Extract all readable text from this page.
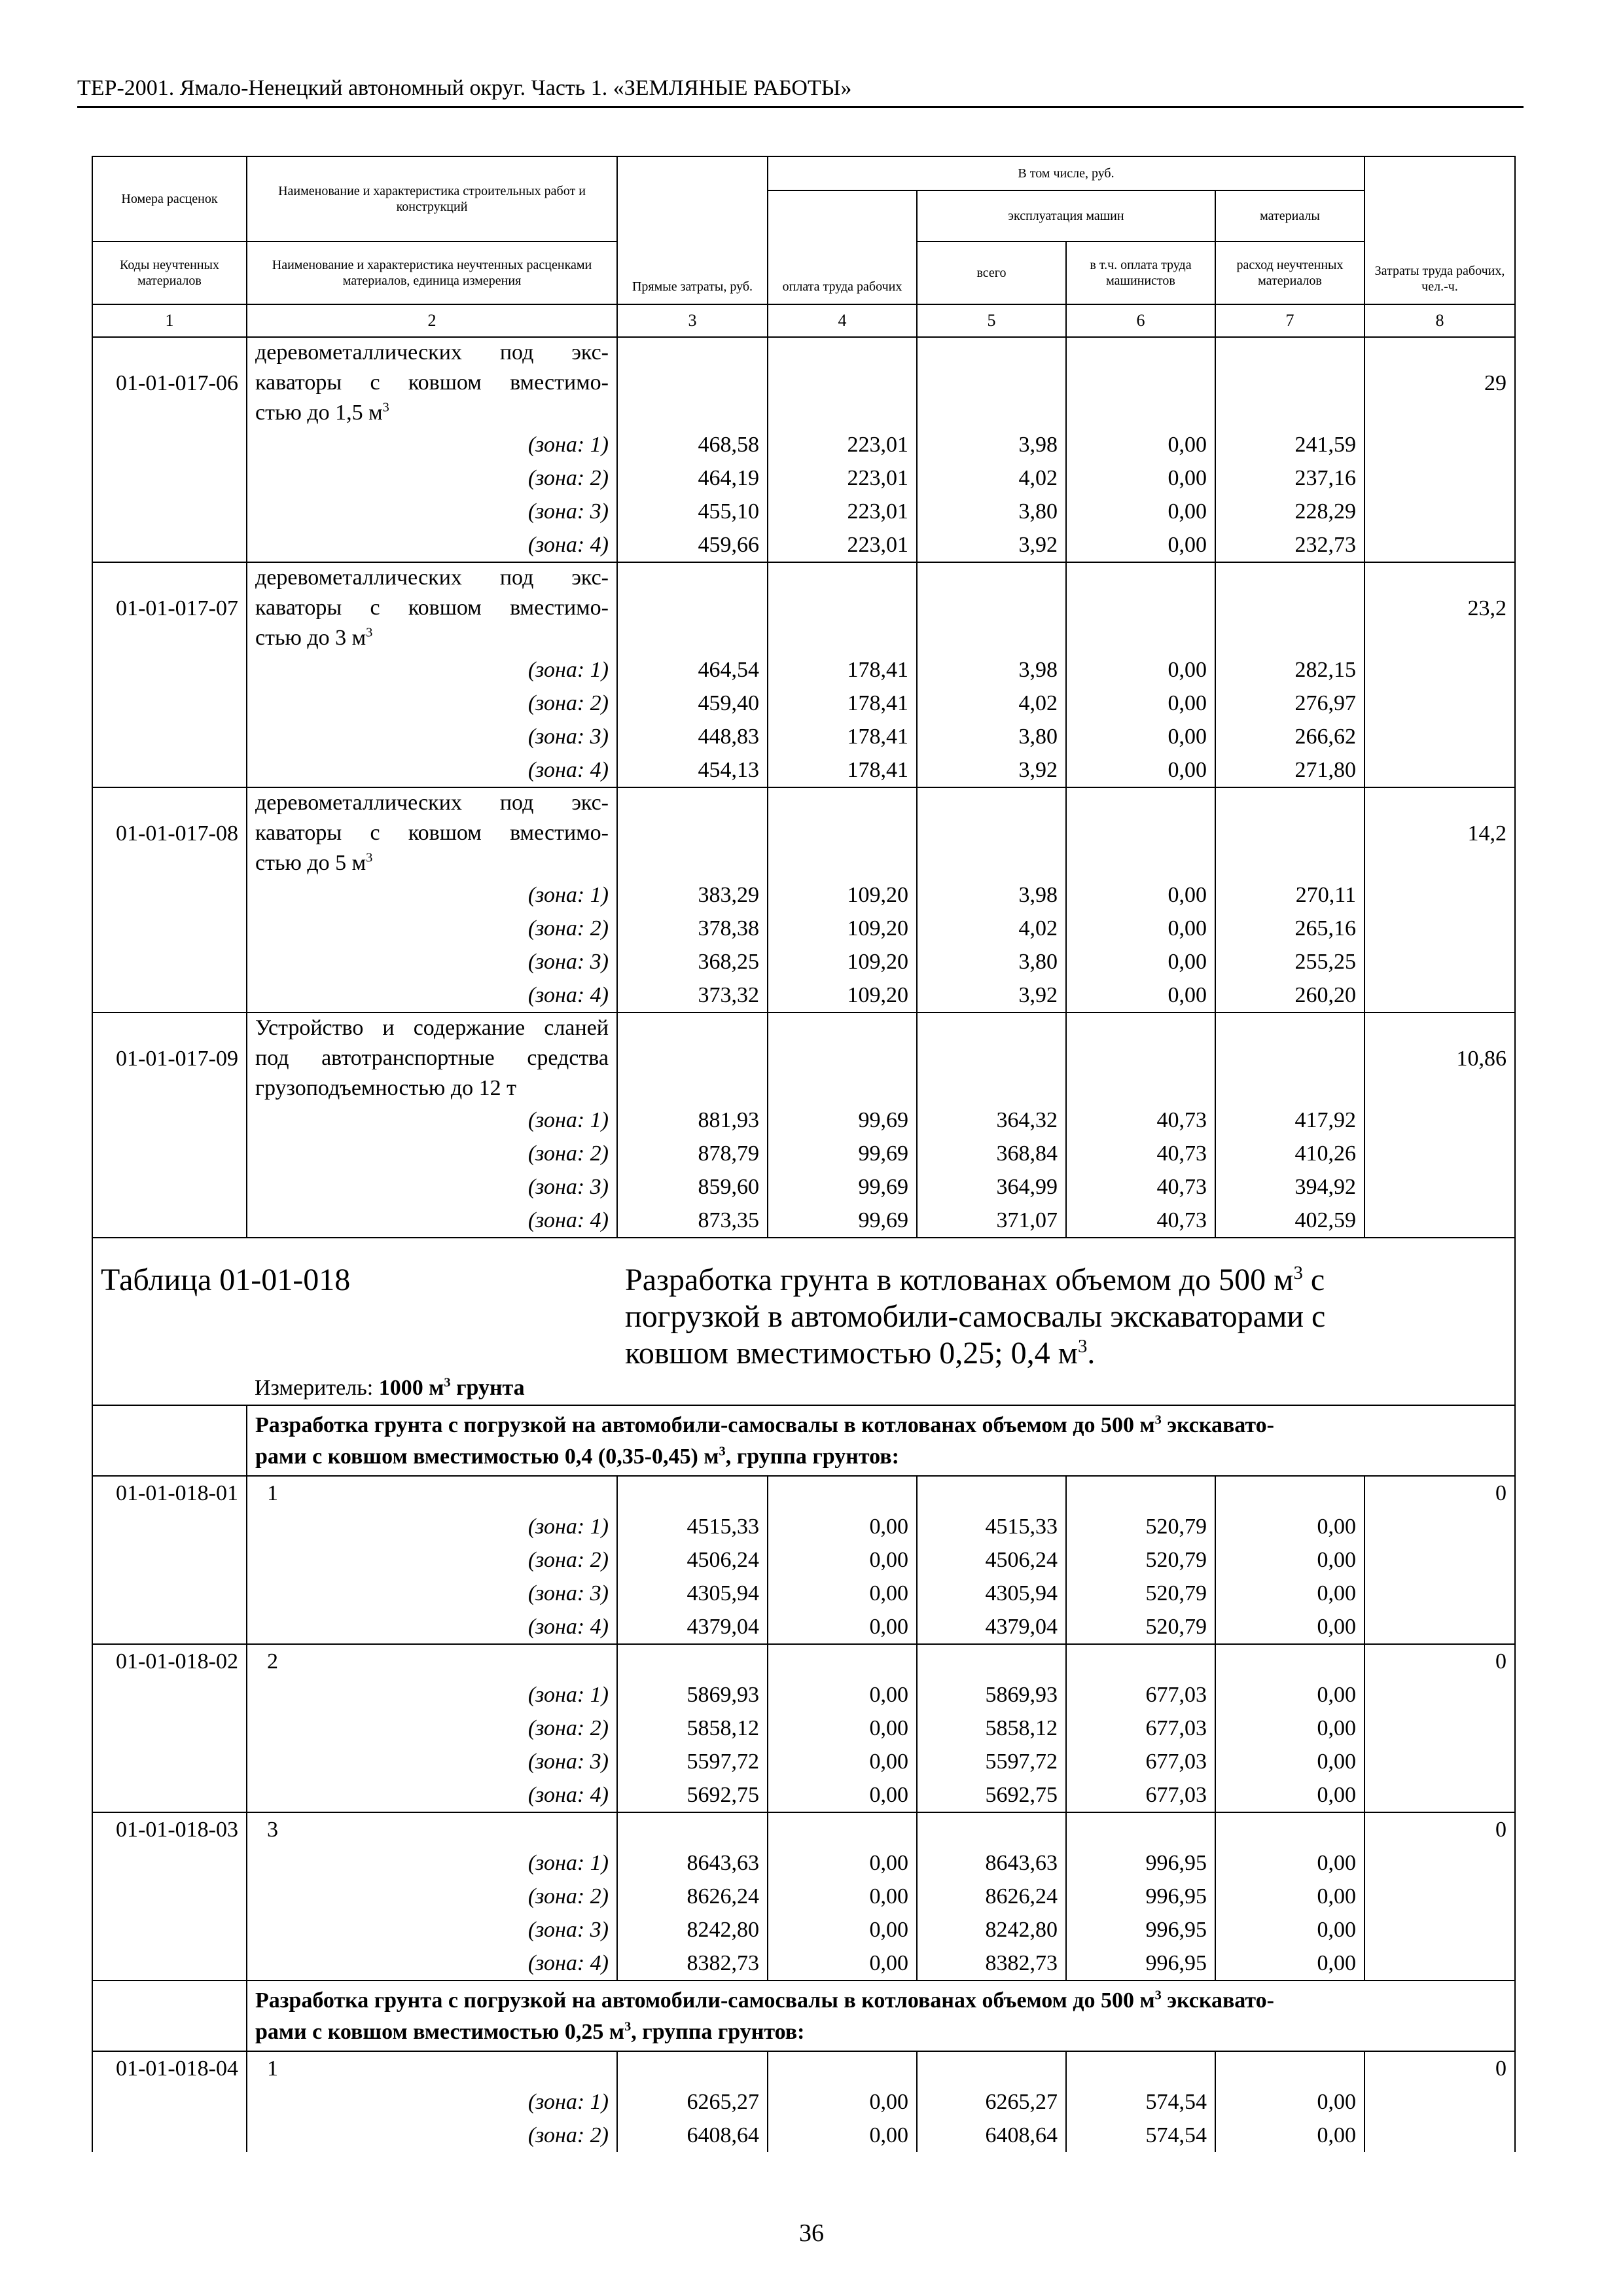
ТЕР-2001. Ямало-Ненецкий автономный округ. Часть 1. «ЗЕМЛЯНЫЕ РАБОТЫ»
Номера расценок	Наименование и характеристика строительных работ и конструкций	Прямые затраты, руб.	В том числе, руб.				Затраты труда рабочих, чел.-ч.
			оплата труда рабочих	эксплуатация машин		материалы	
Коды неучтенных материалов	Наименование и характеристика неучтенных расценками материалов, единица измерения			всего	в т.ч. оплата труда машинистов	расход неучтенных материалов	
1	2	3	4	5	6	7	8
01-01-017-06	деревометаллических под экс-
каваторы с ковшом вместимо-
стью до 1,5 $м^3$						29
	(зона: 1)	468,58	223,01	3,98	0,00	241,59	
	(зона: 2)	464,19	223,01	4,02	0,00	237,16	
	(зона: 3)	455,10	223,01	3,80	0,00	228,29	
	(зона: 4)	459,66	223,01	3,92	0,00	232,73	
01-01-017-07	деревометаллических под экс-
каваторы с ковшом вместимо-
стью до 3 $м^3$						23,2
	(зона: 1)	464,54	178,41	3,98	0,00	282,15	
	(зона: 2)	459,40	178,41	4,02	0,00	276,97	
	(зона: 3)	448,83	178,41	3,80	0,00	266,62	
	(зона: 4)	454,13	178,41	3,92	0,00	271,80	
01-01-017-08	деревометаллических под экс-
каваторы с ковшом вместимо-
стью до 5 $м^3$						14,2
	(зона: 1)	383,29	109,20	3,98	0,00	270,11	
	(зона: 2)	378,38	109,20	4,02	0,00	265,16	
	(зона: 3)	368,25	109,20	3,80	0,00	255,25	
	(зона: 4)	373,32	109,20	3,92	0,00	260,20	
01-01-017-09	Устройство и содержание сланей
под автотранспортные средства
грузоподъемностью до 12 т						10,86
	(зона: 1)	881,93	99,69	364,32	40,73	417,92	
	(зона: 2)	878,79	99,69	368,84	40,73	410,26	
	(зона: 3)	859,60	99,69	364,99	40,73	394,92	
	(зона: 4)	873,35	99,69	371,07	40,73	402,59	
Таблица 01-01-018		Разработка грунта в котлованах объемом до 500 $м^3$ с
погрузкой в автомобили-самосвалы экскаваторами с
ковшом вместимостью 0,25; 0,4 $м^3$.					

	Измеритель: 1000 $м^3$ грунта						

	Разработка грунта с погрузкой на автомобили-самосвалы в котлованах объемом до 500 $м^3$ экскавато-
рами с ковшом вместимостью 0,4 (0,35-0,45) $м^3$, группа грунтов:						

01-01-018-01	1						0
	(зона: 1)	4515,33	0,00	4515,33	520,79	0,00	
	(зона: 2)	4506,24	0,00	4506,24	520,79	0,00	
	(зона: 3)	4305,94	0,00	4305,94	520,79	0,00	
	(зона: 4)	4379,04	0,00	4379,04	520,79	0,00	
01-01-018-02	2						0
	(зона: 1)	5869,93	0,00	5869,93	677,03	0,00	
	(зона: 2)	5858,12	0,00	5858,12	677,03	0,00	
	(зона: 3)	5597,72	0,00	5597,72	677,03	0,00	
	(зона: 4)	5692,75	0,00	5692,75	677,03	0,00	
01-01-018-03	3						0
	(зона: 1)	8643,63	0,00	8643,63	996,95	0,00	
	(зона: 2)	8626,24	0,00	8626,24	996,95	0,00	
	(зона: 3)	8242,80	0,00	8242,80	996,95	0,00	
	(зона: 4)	8382,73	0,00	8382,73	996,95	0,00	

	Разработка грунта с погрузкой на автомобили-самосвалы в котлованах объемом до 500 $м^3$ экскавато-
рами с ковшом вместимостью 0,25 $м^3$, группа грунтов:						

01-01-018-04	1						0
	(зона: 1)	6265,27	0,00	6265,27	574,54	0,00	
	(зона: 2)	6408,64	0,00	6408,64	574,54	0,00	
36
